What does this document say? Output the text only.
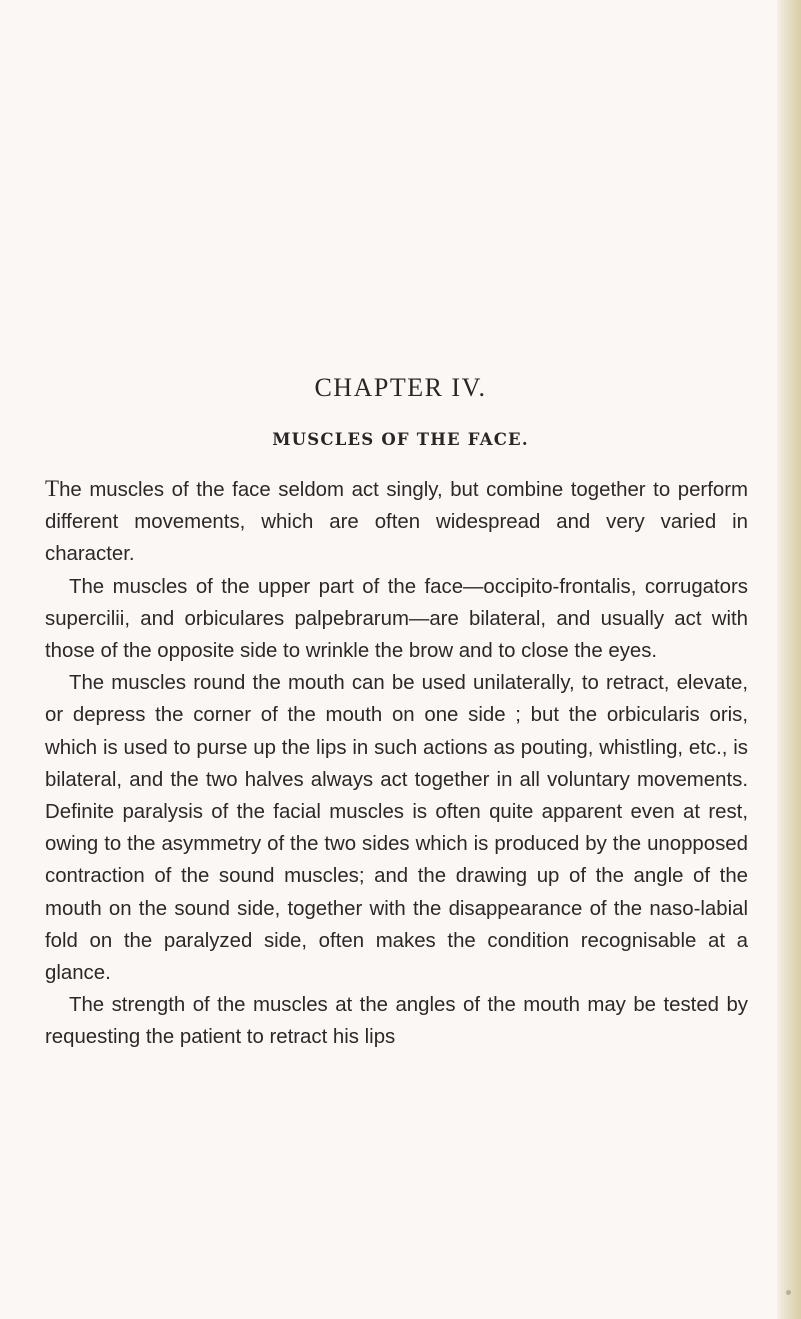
CHAPTER IV.
MUSCLES OF THE FACE.

The muscles of the face seldom act singly, but combine together to perform different movements, which are often widespread and very varied in character.

The muscles of the upper part of the face—occipito-frontalis, corrugators supercilii, and orbiculares palpebrarum—are bilateral, and usually act with those of the opposite side to wrinkle the brow and to close the eyes.

The muscles round the mouth can be used unilaterally, to retract, elevate, or depress the corner of the mouth on one side ; but the orbicularis oris, which is used to purse up the lips in such actions as pouting, whistling, etc., is bilateral, and the two halves always act together in all voluntary movements. Definite paralysis of the facial muscles is often quite apparent even at rest, owing to the asymmetry of the two sides which is produced by the unopposed contraction of the sound muscles; and the drawing up of the angle of the mouth on the sound side, together with the disappearance of the naso-labial fold on the paralyzed side, often makes the condition recognisable at a glance.

The strength of the muscles at the angles of the mouth may be tested by requesting the patient to retract his lips
